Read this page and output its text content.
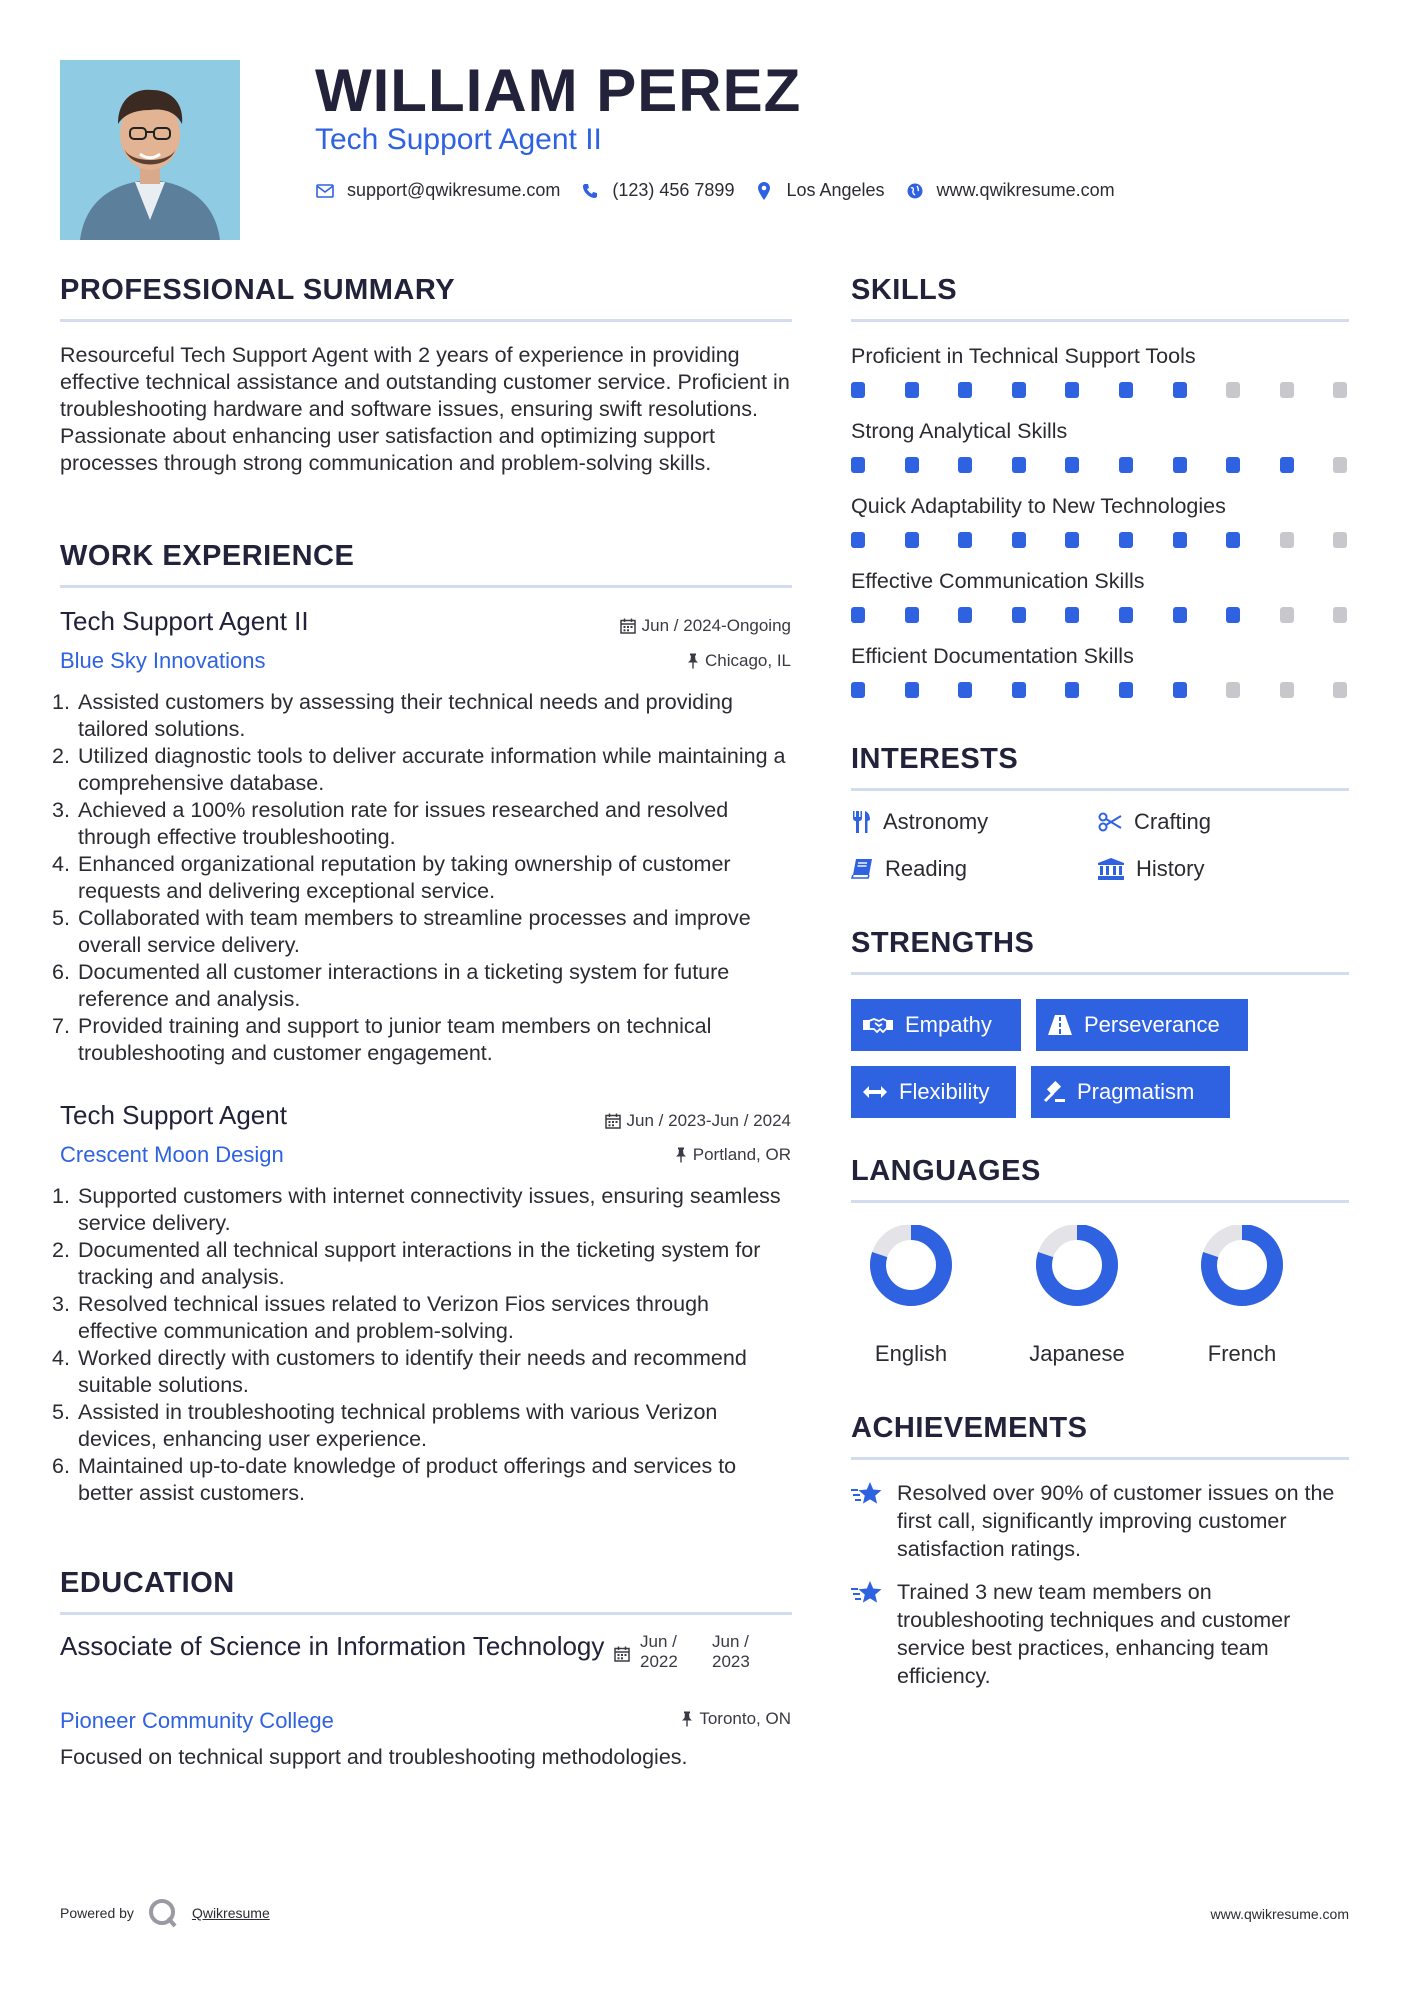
WILLIAM PEREZ
Tech Support Agent II
support@qwikresume.com	(123) 456 7899	Los Angeles	www.qwikresume.com
PROFESSIONAL SUMMARY
Resourceful Tech Support Agent with 2 years of experience in providing effective technical assistance and outstanding customer service. Proficient in troubleshooting hardware and software issues, ensuring swift resolutions. Passionate about enhancing user satisfaction and optimizing support processes through strong communication and problem-solving skills.
WORK EXPERIENCE
Tech Support Agent II	Jun / 2024-Ongoing
Blue Sky Innovations	Chicago, IL
1. Assisted customers by assessing their technical needs and providing tailored solutions.
2. Utilized diagnostic tools to deliver accurate information while maintaining a comprehensive database.
3. Achieved a 100% resolution rate for issues researched and resolved through effective troubleshooting.
4. Enhanced organizational reputation by taking ownership of customer requests and delivering exceptional service.
5. Collaborated with team members to streamline processes and improve overall service delivery.
6. Documented all customer interactions in a ticketing system for future reference and analysis.
7. Provided training and support to junior team members on technical troubleshooting and customer engagement.
Tech Support Agent	Jun / 2023-Jun / 2024
Crescent Moon Design	Portland, OR
1. Supported customers with internet connectivity issues, ensuring seamless service delivery.
2. Documented all technical support interactions in the ticketing system for tracking and analysis.
3. Resolved technical issues related to Verizon Fios services through effective communication and problem-solving.
4. Worked directly with customers to identify their needs and recommend suitable solutions.
5. Assisted in troubleshooting technical problems with various Verizon devices, enhancing user experience.
6. Maintained up-to-date knowledge of product offerings and services to better assist customers.
EDUCATION
Associate of Science in Information Technology	Jun / 2022
Jun / 2023
Pioneer Community College	Toronto, ON
Focused on technical support and troubleshooting methodologies.
SKILLS
Proficient in Technical Support Tools
Strong Analytical Skills
Quick Adaptability to New Technologies
Effective Communication Skills
Efficient Documentation Skills
INTERESTS
Astronomy	Crafting
Reading	History
STRENGTHS
Empathy	Perseverance
Flexibility	Pragmatism
LANGUAGES
English	Japanese	French
ACHIEVEMENTS
Resolved over 90% of customer issues on the first call, significantly improving customer satisfaction ratings.
Trained 3 new team members on troubleshooting techniques and customer service best practices, enhancing team efficiency.
Powered by	Qwikresume	www.qwikresume.com
